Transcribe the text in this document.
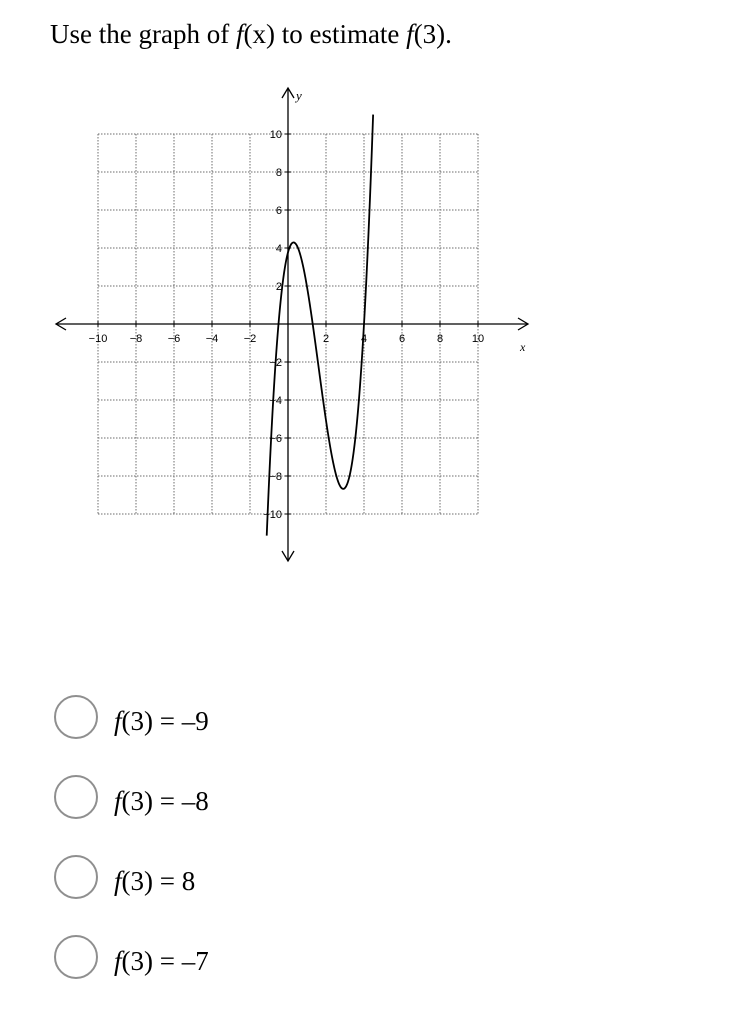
Use the graph of f(x) to estimate f(3).
−10 −8 −6 −4 −2	2	4	6	8	10
10
8
6
4
2
−2
−4
−6
−8
−10
x
y
f(3) = –9
f(3) = –8
f(3) = 8
f(3) = –7
